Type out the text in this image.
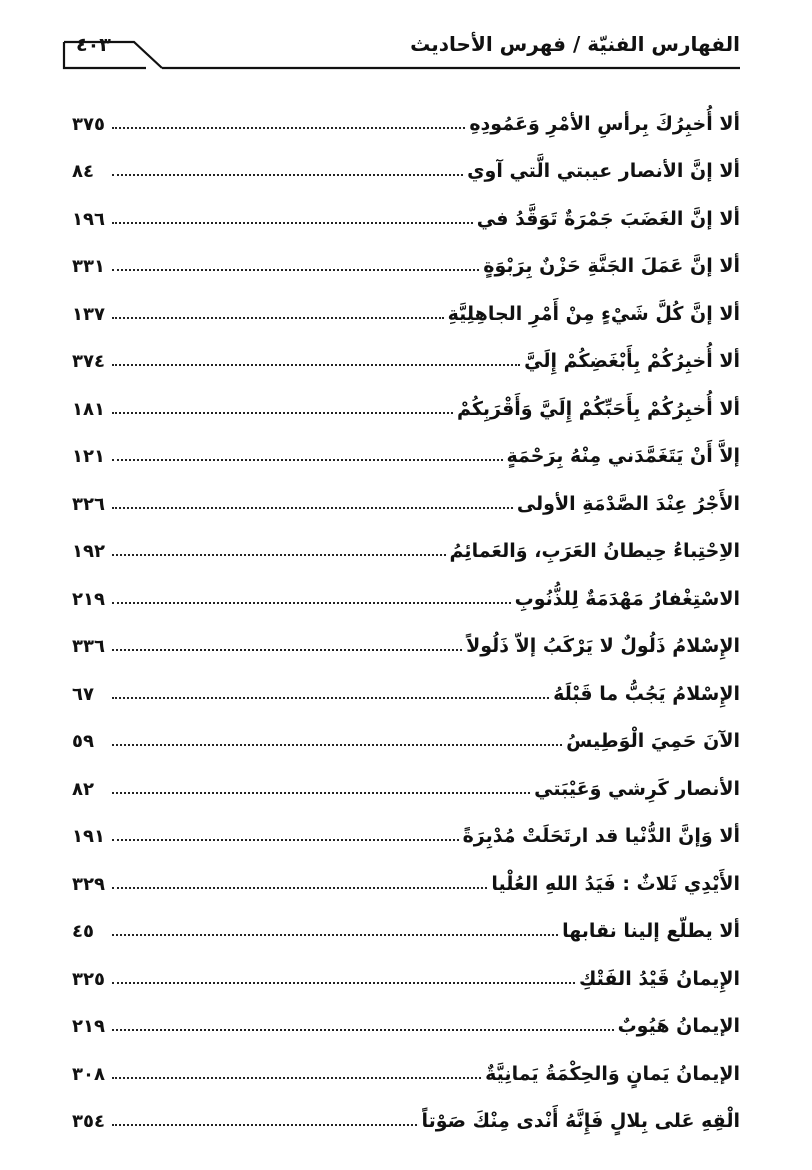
٤٠٣	الفهارس الفنيّة / فهرس الأحاديث
ألا أُخبِرُكَ بِرأسِ الأمْرِ وَعَمُودِهِ
٣٧٥
ألا إنَّ الأنصار عيبتي الَّتي آوي
٨٤
ألا إنَّ الغَضَبَ جَمْرَةٌ تَوَقَّدُ في
١٩٦
ألا إنَّ عَمَلَ الجَنَّةِ حَزْنٌ بِرَبْوَةٍ
٣٣١
ألا إنَّ كُلَّ شَيْءٍ مِنْ أَمْرِ الجاهِلِيَّةِ
١٣٧
ألا أُخبِرُكُمْ بِأَبْغَضِكُمْ إِلَيَّ
٣٧٤
ألا أُخبِرُكُمْ بِأَحَبِّكُمْ إِلَيَّ وَأَقْرَبِكُمْ
١٨١
إلاَّ أَنْ يَتَغَمَّدَني مِنْهُ بِرَحْمَةٍ
١٢١
الأَجْرُ عِنْدَ الصَّدْمَةِ الأولى
٣٢٦
الاِحْتِباءُ حِيطانُ العَرَبِ، وَالعَمائِمُ
١٩٢
الاسْتِغْفارُ مَهْدَمَةٌ لِلذُّنُوبِ
٢١٩
الإِسْلامُ ذَلُولٌ لا يَرْكَبُ إلاّ ذَلُولاً
٣٣٦
الإِسْلامُ يَجُبُّ ما قَبْلَهُ
٦٧
الآنَ حَمِيَ الْوَطِيسُ
٥٩
الأنصار كَرِشي وَعَيْبَتي
٨٢
ألا وَإنَّ الدُّنْيا قد ارتَحَلَتْ مُدْبِرَةً
١٩١
الأَيْدِي ثَلاثٌ : فَيَدُ اللهِ العُلْيا
٣٢٩
ألا يطلّع إلينا نقابها
٤٥
الإِيمانُ قَيْدُ الفَتْكِ
٣٢٥
الإيمانُ هَيُوبٌ
٢١٩
الإيمانُ يَمانٍ وَالحِكْمَةُ يَمانِيَّةٌ
٣٠٨
الْقِهِ عَلى بِلالٍ فَإِنَّهُ أَنْدى مِنْكَ صَوْتاً
٣٥٤
